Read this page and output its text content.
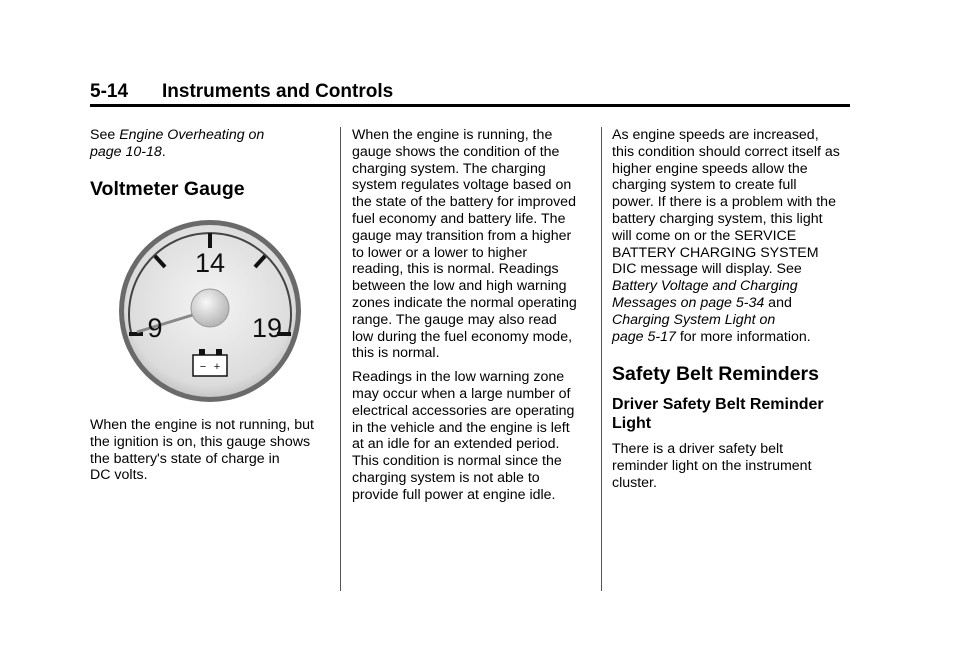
5-14 Instruments and Controls

See Engine Overheating on
page 10-18.

Voltmeter Gauge
14
9	19
− +

When the engine is not running, but
the ignition is on, this gauge shows
the battery's state of charge in
DC volts.

When the engine is running, the
gauge shows the condition of the
charging system. The charging
system regulates voltage based on
the state of the battery for improved
fuel economy and battery life. The
gauge may transition from a higher
to lower or a lower to higher
reading, this is normal. Readings
between the low and high warning
zones indicate the normal operating
range. The gauge may also read
low during the fuel economy mode,
this is normal.

Readings in the low warning zone
may occur when a large number of
electrical accessories are operating
in the vehicle and the engine is left
at an idle for an extended period.
This condition is normal since the
charging system is not able to
provide full power at engine idle.

As engine speeds are increased,
this condition should correct itself as
higher engine speeds allow the
charging system to create full
power. If there is a problem with the
battery charging system, this light
will come on or the SERVICE
BATTERY CHARGING SYSTEM
DIC message will display. See
Battery Voltage and Charging
Messages on page 5-34 and
Charging System Light on
page 5-17 for more information.

Safety Belt Reminders
Driver Safety Belt Reminder
Light

There is a driver safety belt
reminder light on the instrument
cluster.
